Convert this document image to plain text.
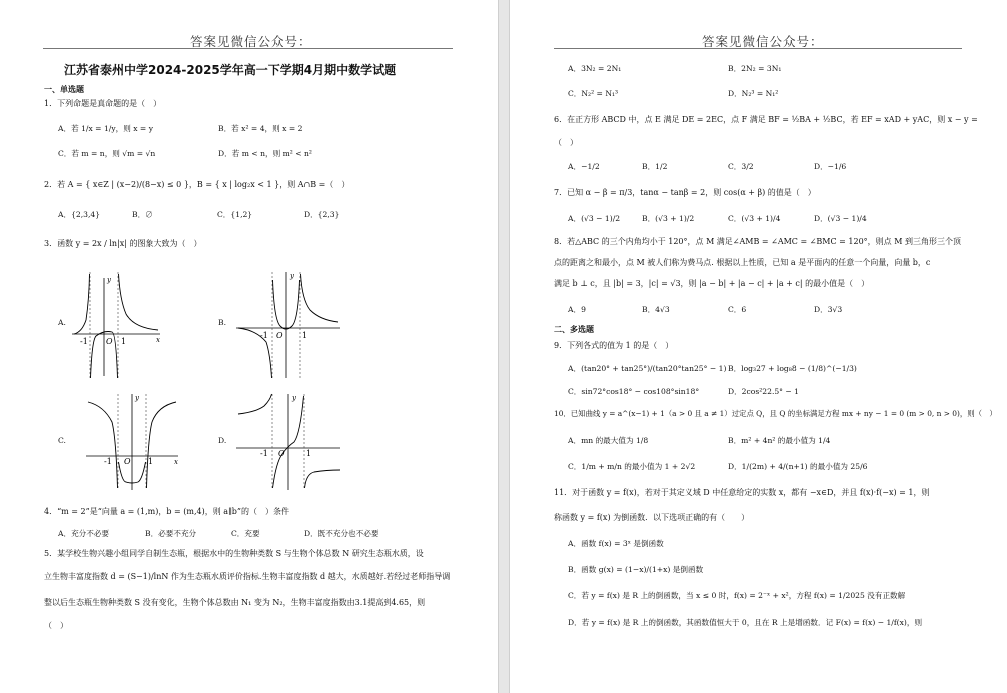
答案见微信公众号：
江苏省泰州中学2024-2025学年高一下学期4月期中数学试题
一、单选题
1．下列命题是真命题的是（　）
A．若 1/x = 1/y，则 x = y	B．若 x² = 4，则 x = 2
C．若 m = n，则 √m = √n	D．若 m < n，则 m² < n²
2．若 A = { x∈Z | (x−2)/(8−x) ≤ 0 }，B = { x | log₂x < 1 }，则 A∩B =（　）
A．{2,3,4}	B．∅	C．{1,2}	D．{2,3}
3．函数 y = 2x / ln|x| 的图象大致为（　）
A.	B.
C.	D.
-1 O 1	x
y
-1 O 1
y
-1 O 1	x
y
-1 O	1
y
4．“m = 2”是“向量 a = (1,m)，b = (m,4)，则 a∥b”的（　）条件
A．充分不必要	B．必要不充分	C．充要	D．既不充分也不必要
5．某学校生物兴趣小组同学自制生态瓶，根据水中的生物种类数 S 与生物个体总数 N 研究生态瓶水质，设
立生物丰富度指数 d = (S−1)/lnN 作为生态瓶水质评价指标.生物丰富度指数 d 越大，水质越好.若经过老师指导调
整以后生态瓶生物种类数 S 没有变化，生物个体总数由 N₁ 变为 N₂，生物丰富度指数由3.1提高到4.65，则
（　）
答案见微信公众号：
A．3N₂ = 2N₁	B．2N₂ = 3N₁
C．N₂² = N₁³	D．N₂³ = N₁²
6．在正方形 ABCD 中，点 E 满足 DE = 2EC，点 F 满足 BF = ½BA + ½BC，若 EF = xAD + yAC，则 x − y =
（　）
A．−1/2	B．1/2	C．3/2	D．−1/6
7．已知 α − β = π/3，tanα − tanβ = 2，则 cos(α + β) 的值是（　）
A．(√3 − 1)/2	B．(√3 + 1)/2	C．(√3 + 1)/4	D．(√3 − 1)/4
8．若△ABC 的三个内角均小于 120°，点 M 满足∠AMB = ∠AMC = ∠BMC = 120°，则点 M 到三角形三个顶
点的距离之和最小，点 M 被人们称为费马点. 根据以上性质，已知 a 是平面内的任意一个向量，向量 b，c
满足 b ⊥ c，且 |b| = 3，|c| = √3，则 |a − b| + |a − c| + |a + c| 的最小值是（　）
A．9	B．4√3	C．6	D．3√3
二、多选题
9．下列各式的值为 1 的是（　）
A．(tan20° + tan25°)/(tan20°tan25° − 1) B．log₃27 + log₈8 − (1/8)^(−1/3)
C．sin72°cos18° − cos108°sin18°	D．2cos²22.5° − 1
10．已知曲线 y = a^(x−1) + 1（a > 0 且 a ≠ 1）过定点 Q，且 Q 的坐标满足方程 mx + ny − 1 = 0 (m > 0, n > 0)，则（　）
A．mn 的最大值为 1/8	B．m² + 4n² 的最小值为 1/4
C．1/m + m/n 的最小值为 1 + 2√2	D．1/(2m) + 4/(n+1) 的最小值为 25/6
11．对于函数 y = f(x)，若对于其定义域 D 中任意给定的实数 x，都有 −x∈D，并且 f(x)·f(−x) = 1，则
称函数 y = f(x) 为倒函数．以下选项正确的有（　　）
A．函数 f(x) = 3ˣ 是倒函数
B．函数 g(x) = (1−x)/(1+x) 是倒函数
C．若 y = f(x) 是 R 上的倒函数，当 x ≤ 0 时，f(x) = 2⁻ˣ + x²，方程 f(x) = 1/2025 没有正数解
D．若 y = f(x) 是 R 上的倒函数，其函数值恒大于 0，且在 R 上是增函数．记 F(x) = f(x) − 1/f(x)，则
